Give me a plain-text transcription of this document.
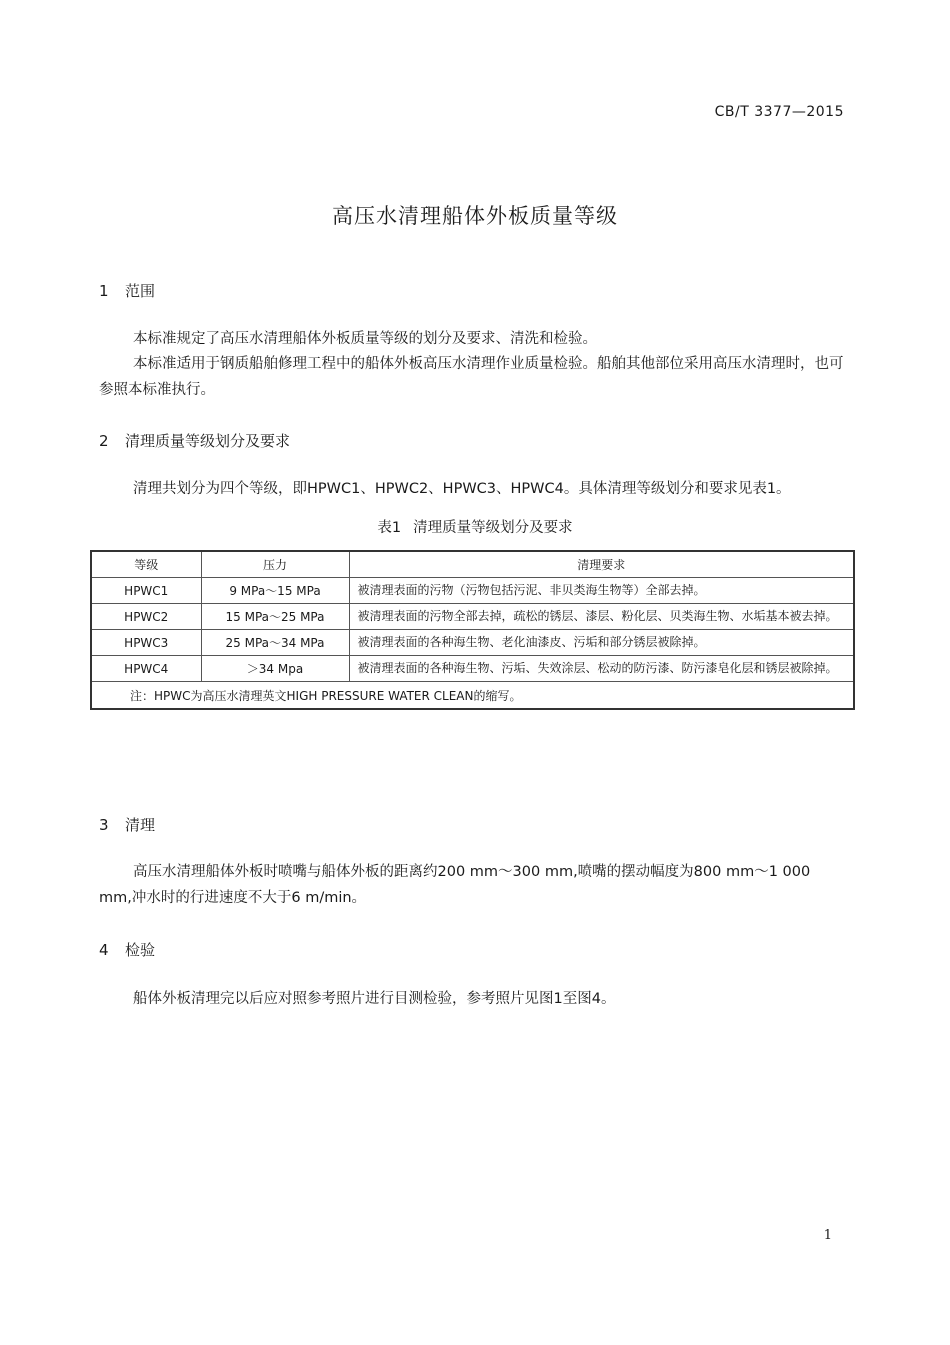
CB/T 3377—2015
高压水清理船体外板质量等级
1 范围
本标准规定了高压水清理船体外板质量等级的划分及要求、清洗和检验。
本标准适用于钢质船舶修理工程中的船体外板高压水清理作业质量检验。船舶其他部位采用高压水清理时，也可参照本标准执行。
2 清理质量等级划分及要求
清理共划分为四个等级，即HPWC1、HPWC2、HPWC3、HPWC4。具体清理等级划分和要求见表1。
表1 清理质量等级划分及要求
等级	压力	清理要求
HPWC1	9 MPa～15 MPa	被清理表面的污物（污物包括污泥、非贝类海生物等）全部去掉。
HPWC2	15 MPa～25 MPa	被清理表面的污物全部去掉，疏松的锈层、漆层、粉化层、贝类海生物、水垢基本被去掉。
HPWC3	25 MPa～34 MPa	被清理表面的各种海生物、老化油漆皮、污垢和部分锈层被除掉。
HPWC4	＞34 Mpa	被清理表面的各种海生物、污垢、失效涂层、松动的防污漆、防污漆皂化层和锈层被除掉。
注：HPWC为高压水清理英文HIGH PRESSURE WATER CLEAN的缩写。		
3 清理
高压水清理船体外板时喷嘴与船体外板的距离约200 mm～300 mm,喷嘴的摆动幅度为800 mm～1 000 mm,冲水时的行进速度不大于6 m/min。
4 检验
船体外板清理完以后应对照参考照片进行目测检验，参考照片见图1至图4。
1
